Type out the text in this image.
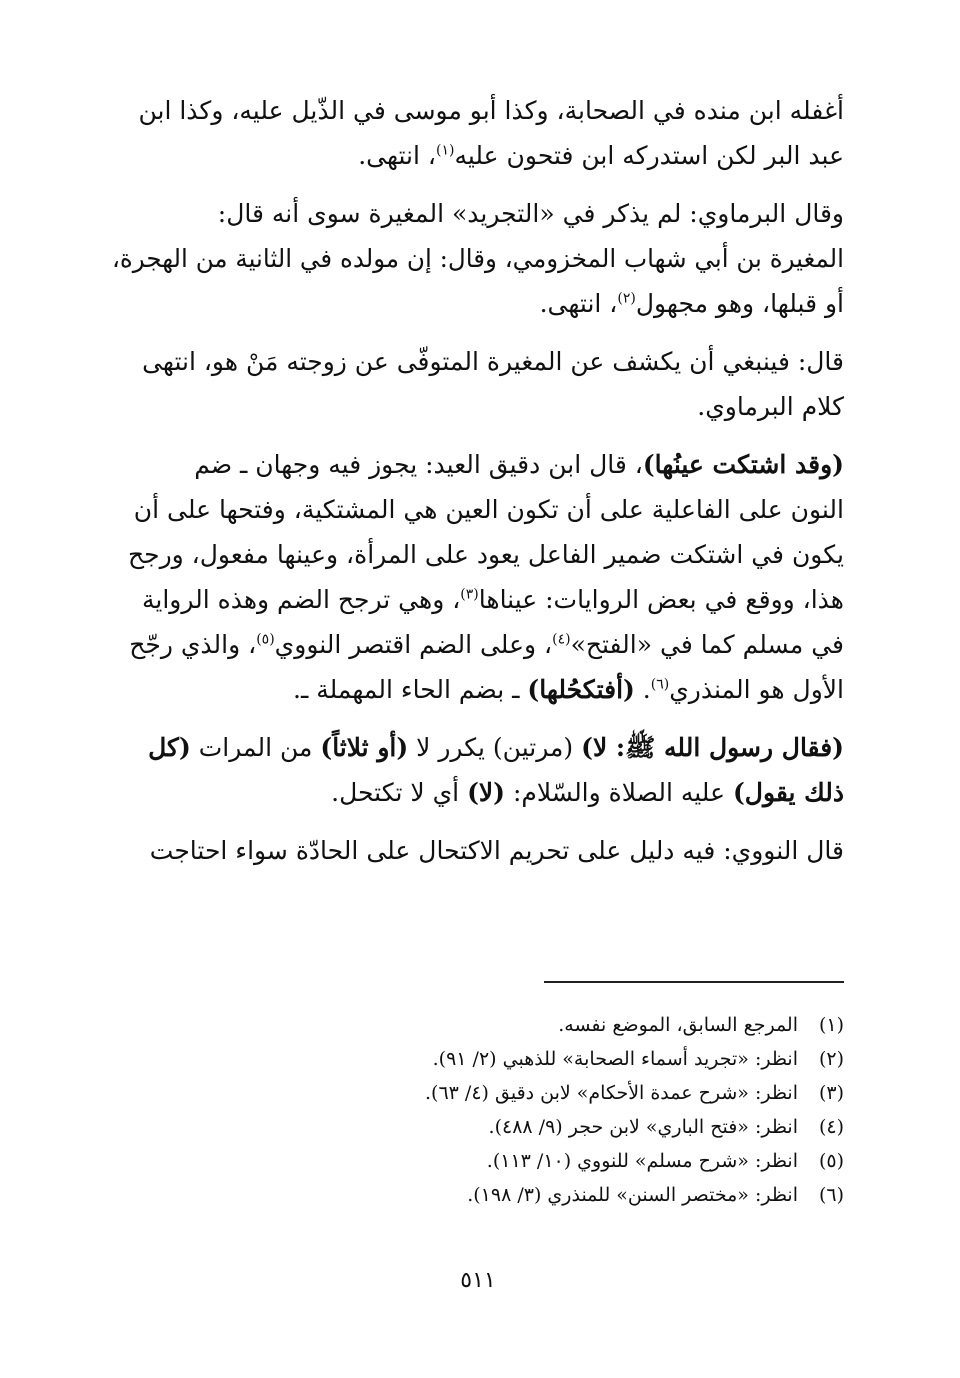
أغفله ابن منده في الصحابة، وكذا أبو موسى في الذّيل عليه، وكذا ابن
عبد البر لكن استدركه ابن فتحون عليه$^{(١)}$، انتهى.

وقال البرماوي: لم يذكر في «التجريد» المغيرة سوى أنه قال:
المغيرة بن أبي شهاب المخزومي، وقال: إن مولده في الثانية من الهجرة،
أو قبلها، وهو مجهول$^{(٢)}$، انتهى.

قال: فينبغي أن يكشف عن المغيرة المتوفّى عن زوجته مَنْ هو، انتهى
كلام البرماوي.

(وقد اشتكت عينُها)، قال ابن دقيق العيد: يجوز فيه وجهان ـ ضم
النون على الفاعلية على أن تكون العين هي المشتكية، وفتحها على أن
يكون في اشتكت ضمير الفاعل يعود على المرأة، وعينها مفعول، ورجح
هذا، ووقع في بعض الروايات: عيناها$^{(٣)}$، وهي ترجح الضم وهذه الرواية
في مسلم كما في «الفتح»$^{(٤)}$، وعلى الضم اقتصر النووي$^{(٥)}$، والذي رجّح
الأول هو المنذري$^{(٦)}$. (أفتكحُلها) ـ بضم الحاء المهملة ـ.

(فقال رسول الله ﷺ: لا) (مرتين) يكرر لا (أو ثلاثاً) من المرات (كل
ذلك يقول) عليه الصلاة والسّلام: (لا) أي لا تكتحل.

قال النووي: فيه دليل على تحريم الاكتحال على الحادّة سواء احتاجت

(١)المرجع السابق، الموضع نفسه.
(٢)انظر: «تجريد أسماء الصحابة» للذهبي (٢/ ٩١).
(٣)انظر: «شرح عمدة الأحكام» لابن دقيق (٤/ ٦٣).
(٤)انظر: «فتح الباري» لابن حجر (٩/ ٤٨٨).
(٥)انظر: «شرح مسلم» للنووي (١٠/ ١١٣).
(٦)انظر: «مختصر السنن» للمنذري (٣/ ١٩٨).
٥١١
